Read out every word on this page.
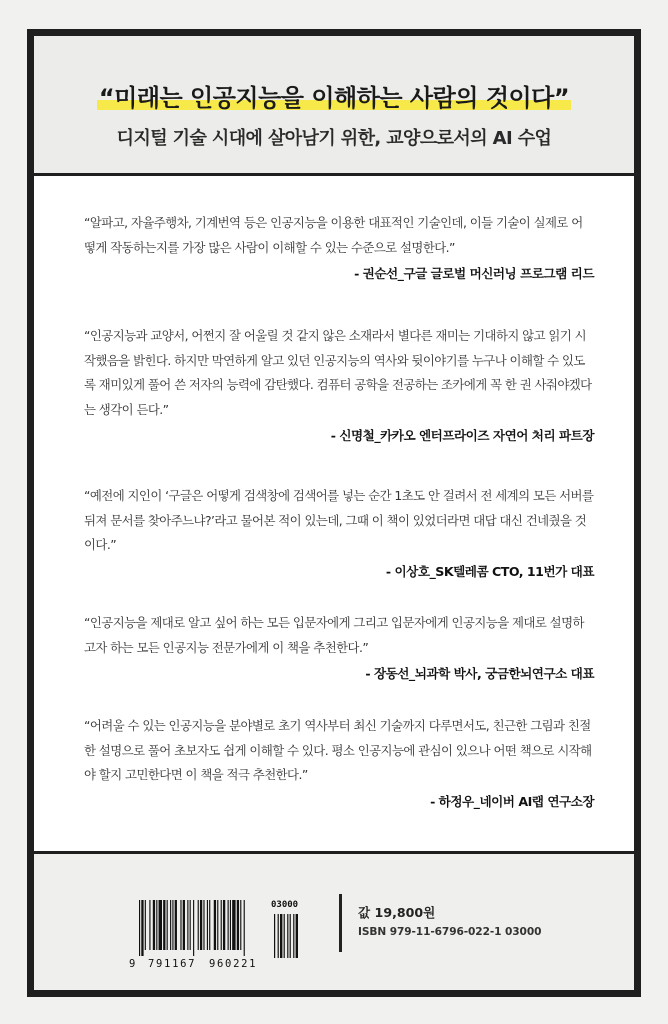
“미래는 인공지능을 이해하는 사람의 것이다”
디지털 기술 시대에 살아남기 위한, 교양으로서의 AI 수업

“알파고, 자율주행차, 기계번역 등은 인공지능을 이용한 대표적인 기술인데, 이들 기술이 실제로 어떻게 작동하는지를 가장 많은 사람이 이해할 수 있는 수준으로 설명한다.”

- 권순선_구글 글로벌 머신러닝 프로그램 리드

“인공지능과 교양서, 어쩐지 잘 어울릴 것 같지 않은 소재라서 별다른 재미는 기대하지 않고 읽기 시작했음을 밝힌다. 하지만 막연하게 알고 있던 인공지능의 역사와 뒷이야기를 누구나 이해할 수 있도록 재미있게 풀어 쓴 저자의 능력에 감탄했다. 컴퓨터 공학을 전공하는 조카에게 꼭 한 권 사줘야겠다는 생각이 든다.”

- 신명철_카카오 엔터프라이즈 자연어 처리 파트장

“예전에 지인이 ‘구글은 어떻게 검색창에 검색어를 넣는 순간 1초도 안 걸려서 전 세계의 모든 서버를 뒤져 문서를 찾아주느냐?’라고 물어본 적이 있는데, 그때 이 책이 있었더라면 대답 대신 건네줬을 것이다.”

- 이상호_SK텔레콤 CTO, 11번가 대표

“인공지능을 제대로 알고 싶어 하는 모든 입문자에게 그리고 입문자에게 인공지능을 제대로 설명하고자 하는 모든 인공지능 전문가에게 이 책을 추천한다.”

- 장동선_뇌과학 박사, 궁금한뇌연구소 대표

“어려울 수 있는 인공지능을 분야별로 초기 역사부터 최신 기술까지 다루면서도, 친근한 그림과 친절한 설명으로 풀어 초보자도 쉽게 이해할 수 있다. 평소 인공지능에 관심이 있으나 어떤 책으로 시작해야 할지 고민한다면 이 책을 적극 추천한다.”

- 하정우_네이버 AI랩 연구소장
03000
9 791167 960221
값 19,800원
ISBN 979-11-6796-022-1 03000
